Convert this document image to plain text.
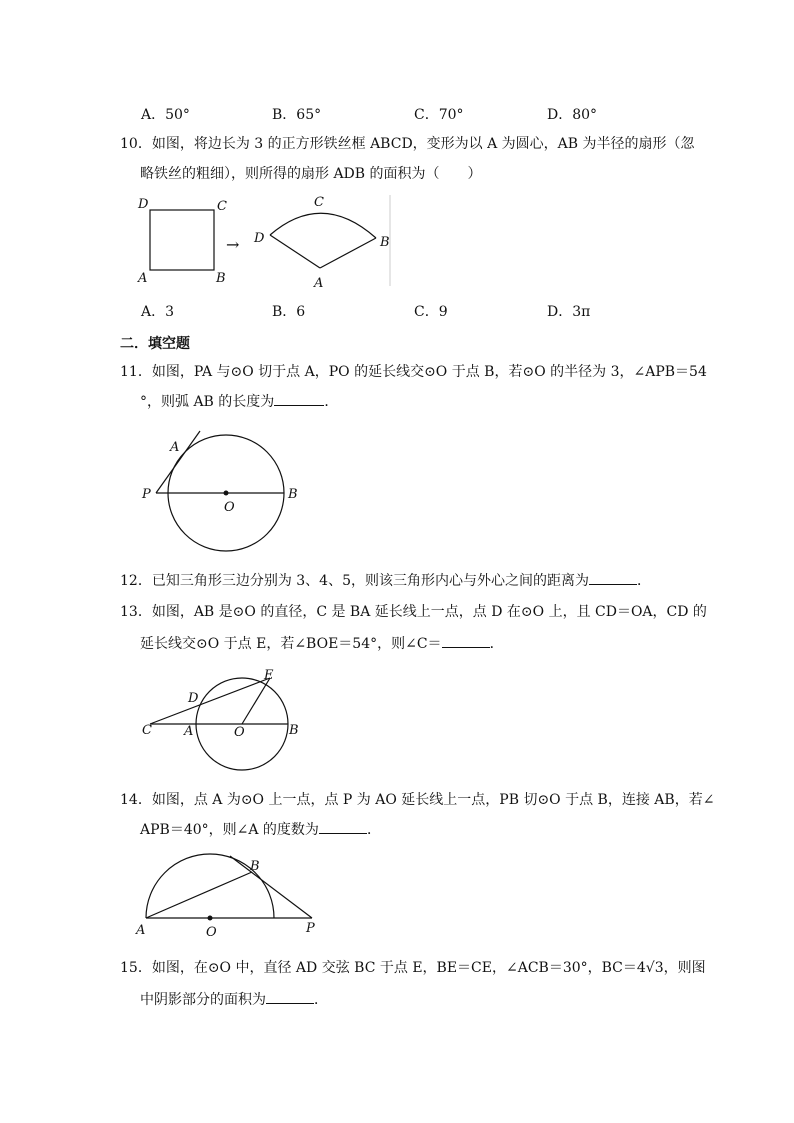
A．50°	B．65°	C．70°	D．80°
10．如图，将边长为 3 的正方形铁丝框 ABCD，变形为以 A 为圆心，AB 为半径的扇形（忽
略铁丝的粗细），则所得的扇形 ADB 的面积为（　　）
D	C
A	B
→ D
C
B
A
A．3	B．6	C．9	D．3π
二．填空题
11．如图，PA 与⊙O 切于点 A，PO 的延长线交⊙O 于点 B，若⊙O 的半径为 3，∠APB＝54
°，则弧 AB 的长度为	．
A
P
O
B
12．已知三角形三边分别为 3、4、5，则该三角形内心与外心之间的距离为	．
13．如图，AB 是⊙O 的直径，C 是 BA 延长线上一点，点 D 在⊙O 上，且 CD＝OA，CD 的
延长线交⊙O 于点 E，若∠BOE＝54°，则∠C＝	．
C A	O	B
D
E
14．如图，点 A 为⊙O 上一点，点 P 为 AO 延长线上一点，PB 切⊙O 于点 B，连接 AB，若∠
APB＝40°，则∠A 的度数为	．
A	O
B
P
15．如图，在⊙O 中，直径 AD 交弦 BC 于点 E，BE＝CE，∠ACB＝30°，BC＝4√3，则图
中阴影部分的面积为	．
